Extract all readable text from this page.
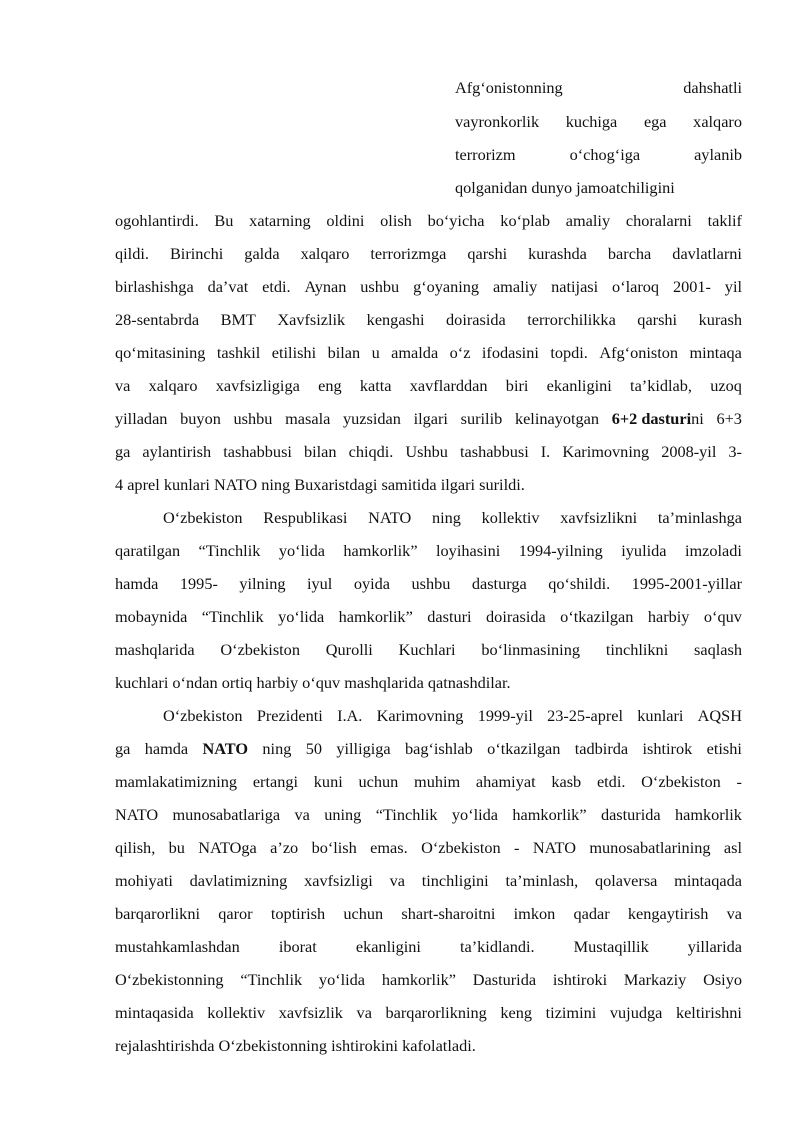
Afg‘onistonning	dahshatli
vayronkorlik kuchiga ega xalqaro
terrorizm	o‘chog‘iga	aylanib
qolganidan dunyo jamoatchiligini
ogohlantirdi. Bu xatarning oldini olish bo‘yicha ko‘plab amaliy choralarni taklif
qildi. Birinchi galda xalqaro terrorizmga qarshi kurashda barcha davlatlarni
birlashishga da’vat etdi. Aynan ushbu g‘oyaning amaliy natijasi o‘laroq 2001- yil
28-sentabrda BMT Xavfsizlik kengashi doirasida terrorchilikka qarshi kurash
qo‘mitasining tashkil etilishi bilan u amalda o‘z ifodasini topdi. Afg‘oniston mintaqa
va xalqaro xavfsizligiga eng katta xavflarddan biri ekanligini ta’kidlab, uzoq
yilladan buyon ushbu masala yuzsidan ilgari surilib kelinayotgan 6+2 dasturini 6+3
ga aylantirish tashabbusi bilan chiqdi. Ushbu tashabbusi I. Karimovning 2008-yil 3-
4 aprel kunlari NATO ning Buxaristdagi samitida ilgari surildi.
O‘zbekiston Respublikasi NATO ning kollektiv xavfsizlikni ta’minlashga
qaratilgan “Tinchlik yo‘lida hamkorlik” loyihasini 1994-yilning iyulida imzoladi
hamda 1995- yilning iyul oyida ushbu dasturga qo‘shildi. 1995-2001-yillar
mobaynida “Tinchlik yo‘lida hamkorlik” dasturi doirasida o‘tkazilgan harbiy o‘quv
mashqlarida O‘zbekiston Qurolli Kuchlari bo‘linmasining tinchlikni saqlash
kuchlari o‘ndan ortiq harbiy o‘quv mashqlarida qatnashdilar.
O‘zbekiston Prezidenti I.A. Karimovning 1999-yil 23-25-aprel kunlari AQSH
ga hamda NATO ning 50 yilligiga bag‘ishlab o‘tkazilgan tadbirda ishtirok etishi
mamlakatimizning ertangi kuni uchun muhim ahamiyat kasb etdi. O‘zbekiston -
NATO munosabatlariga va uning “Tinchlik yo‘lida hamkorlik” dasturida hamkorlik
qilish, bu NATOga a’zo bo‘lish emas. O‘zbekiston - NATO munosabatlarining asl
mohiyati davlatimizning xavfsizligi va tinchligini ta’minlash, qolaversa mintaqada
barqarorlikni qaror toptirish uchun shart-sharoitni imkon qadar kengaytirish va
mustahkamlashdan iborat ekanligini ta’kidlandi. Mustaqillik yillarida
O‘zbekistonning “Tinchlik yo‘lida hamkorlik” Dasturida ishtiroki Markaziy Osiyo
mintaqasida kollektiv xavfsizlik va barqarorlikning keng tizimini vujudga keltirishni
rejalashtirishda O‘zbekistonning ishtirokini kafolatladi.
